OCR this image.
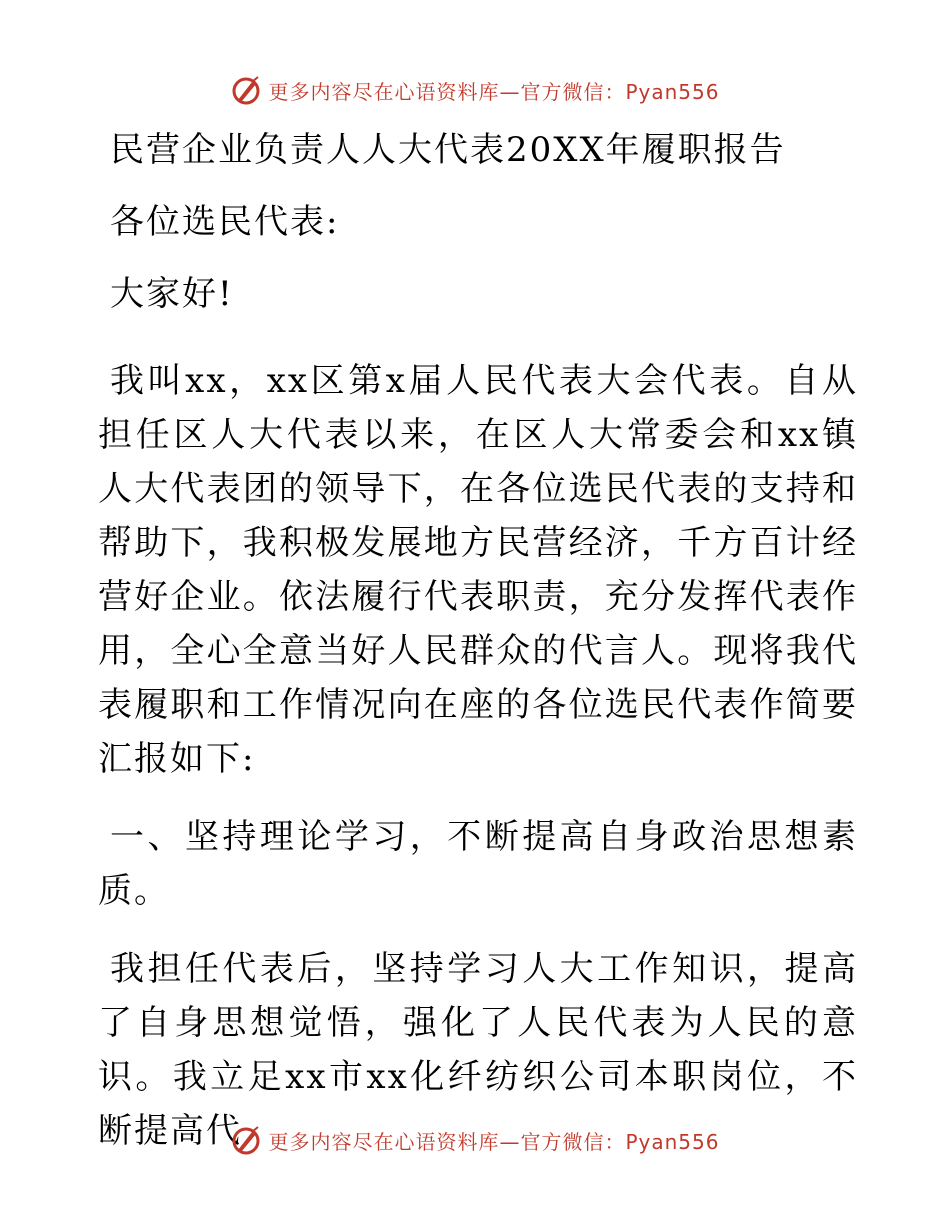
更多内容尽在心语资料库—官方微信：Pyan556
民营企业负责人人大代表20XX年履职报告
各位选民代表:
大家好!

我叫xx，xx区第x届人民代表大会代表。自从担任区人大代表以来，在区人大常委会和xx镇人大代表团的领导下，在各位选民代表的支持和帮助下，我积极发展地方民营经济，千方百计经营好企业。依法履行代表职责，充分发挥代表作用，全心全意当好人民群众的代言人。现将我代表履职和工作情况向在座的各位选民代表作简要汇报如下:

一、坚持理论学习，不断提高自身政治思想素质。

我担任代表后，坚持学习人大工作知识，提高了自身思想觉悟，强化了人民代表为人民的意识。我立足xx市xx化纤纺织公司本职岗位，不断提高代	更多内容尽在心语资料库—官方微信：Pyan556
